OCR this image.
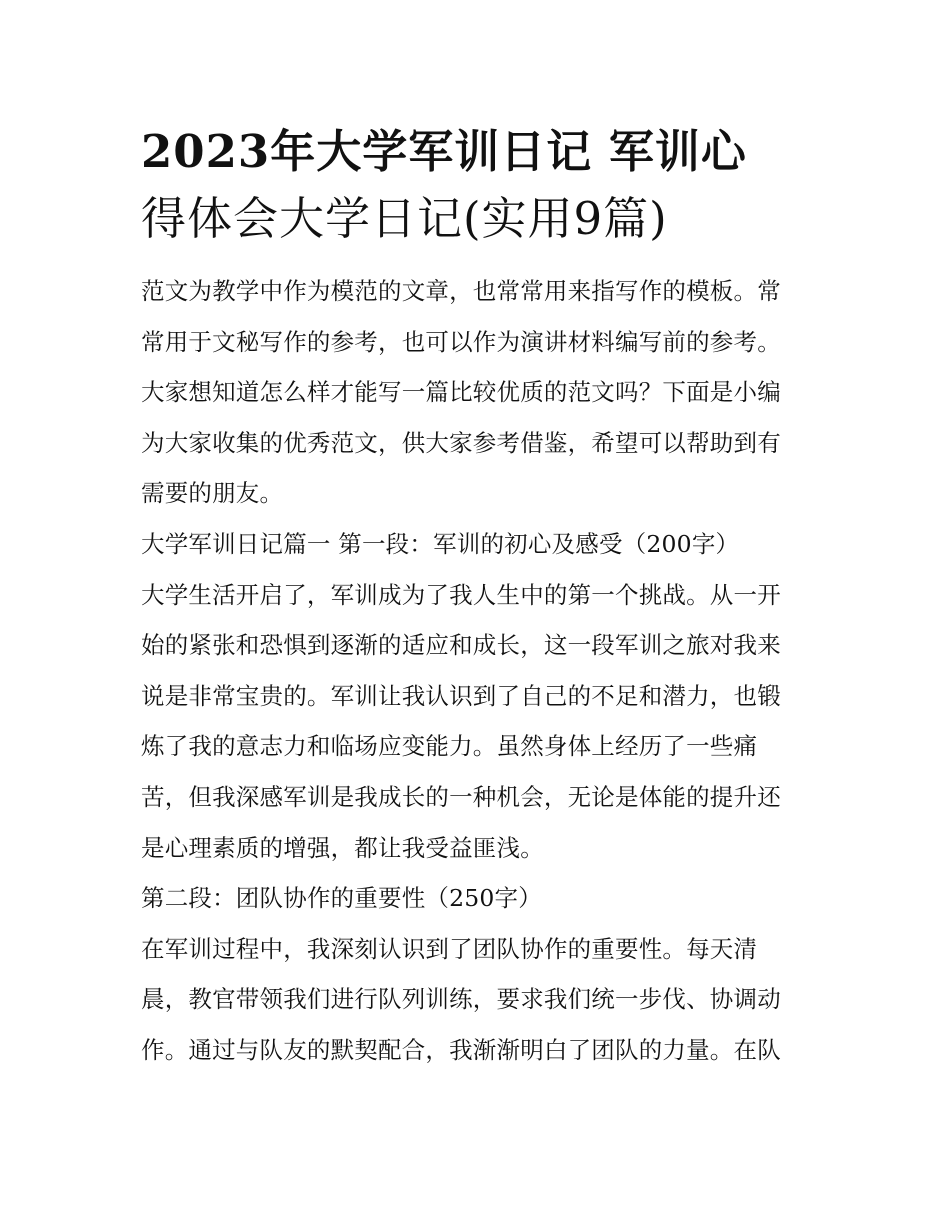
2023年大学军训日记 军训心
得体会大学日记(实用9篇)

范文为教学中作为模范的文章，也常常用来指写作的模板。常
常用于文秘写作的参考，也可以作为演讲材料编写前的参考。
大家想知道怎么样才能写一篇比较优质的范文吗？下面是小编
为大家收集的优秀范文，供大家参考借鉴，希望可以帮助到有
需要的朋友。

大学军训日记篇一 第一段：军训的初心及感受（200字）

大学生活开启了，军训成为了我人生中的第一个挑战。从一开
始的紧张和恐惧到逐渐的适应和成长，这一段军训之旅对我来
说是非常宝贵的。军训让我认识到了自己的不足和潜力，也锻
炼了我的意志力和临场应变能力。虽然身体上经历了一些痛
苦，但我深感军训是我成长的一种机会，无论是体能的提升还
是心理素质的增强，都让我受益匪浅。

第二段：团队协作的重要性（250字）

在军训过程中，我深刻认识到了团队协作的重要性。每天清
晨，教官带领我们进行队列训练，要求我们统一步伐、协调动
作。通过与队友的默契配合，我渐渐明白了团队的力量。在队
